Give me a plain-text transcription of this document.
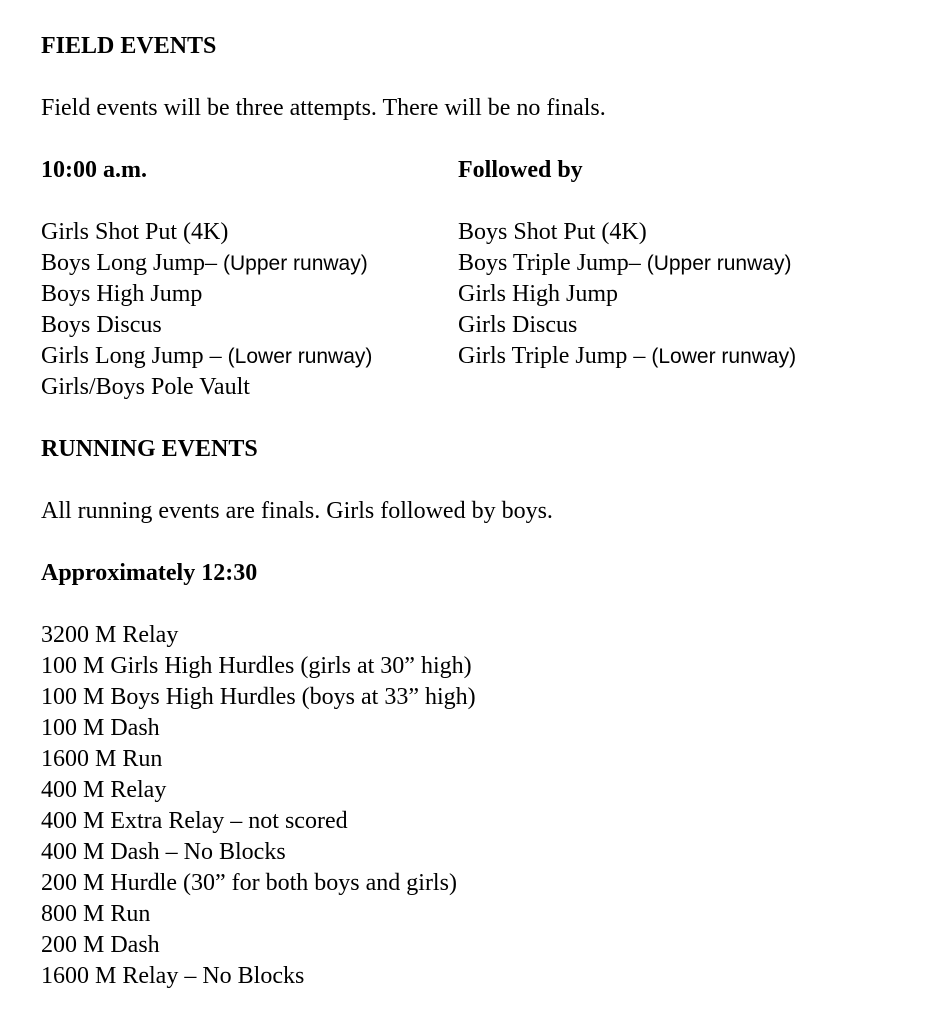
FIELD EVENTS

Field events will be three attempts. There will be no finals.

10:00 a.m.	Followed by
Girls Shot Put (4K)	Boys Shot Put (4K)
Boys Long Jump– (Upper runway)	Boys Triple Jump– (Upper runway)
Boys High Jump	Girls High Jump
Boys Discus	Girls Discus
Girls Long Jump – (Lower runway)	Girls Triple Jump – (Lower runway)
Girls/Boys Pole Vault

RUNNING EVENTS

All running events are finals. Girls followed by boys.

Approximately 12:30

3200 M Relay

100 M Girls High Hurdles (girls at 30” high)

100 M Boys High Hurdles (boys at 33” high)

100 M Dash

1600 M Run

400 M Relay

400 M Extra Relay – not scored

400 M Dash – No Blocks

200 M Hurdle (30” for both boys and girls)

800 M Run

200 M Dash

1600 M Relay – No Blocks
